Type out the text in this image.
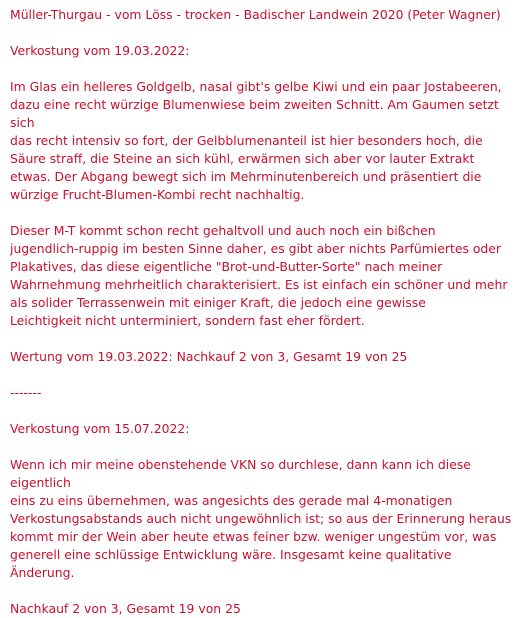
Müller-Thurgau - vom Löss - trocken - Badischer Landwein 2020 (Peter Wagner)

Verkostung vom 19.03.2022:

Im Glas ein helleres Goldgelb, nasal gibt's gelbe Kiwi und ein paar Jostabeeren,
dazu eine recht würzige Blumenwiese beim zweiten Schnitt. Am Gaumen setzt sich
das recht intensiv so fort, der Gelbblumenanteil ist hier besonders hoch, die
Säure straff, die Steine an sich kühl, erwärmen sich aber vor lauter Extrakt
etwas. Der Abgang bewegt sich im Mehrminutenbereich und präsentiert die
würzige Frucht-Blumen-Kombi recht nachhaltig.

Dieser M-T kommt schon recht gehaltvoll und auch noch ein bißchen
jugendlich-ruppig im besten Sinne daher, es gibt aber nichts Parfümiertes oder
Plakatives, das diese eigentliche "Brot-und-Butter-Sorte" nach meiner
Wahrnehmung mehrheitlich charakterisiert. Es ist einfach ein schöner und mehr
als solider Terrassenwein mit einiger Kraft, die jedoch eine gewisse
Leichtigkeit nicht unterminiert, sondern fast eher fördert.

Wertung vom 19.03.2022: Nachkauf 2 von 3, Gesamt 19 von 25

-------

Verkostung vom 15.07.2022:

Wenn ich mir meine obenstehende VKN so durchlese, dann kann ich diese eigentlich
eins zu eins übernehmen, was angesichts des gerade mal 4-monatigen
Verkostungsabstands auch nicht ungewöhnlich ist; so aus der Erinnerung heraus
kommt mir der Wein aber heute etwas feiner bzw. weniger ungestüm vor, was
generell eine schlüssige Entwicklung wäre. Insgesamt keine qualitative
Änderung.

Nachkauf 2 von 3, Gesamt 19 von 25
